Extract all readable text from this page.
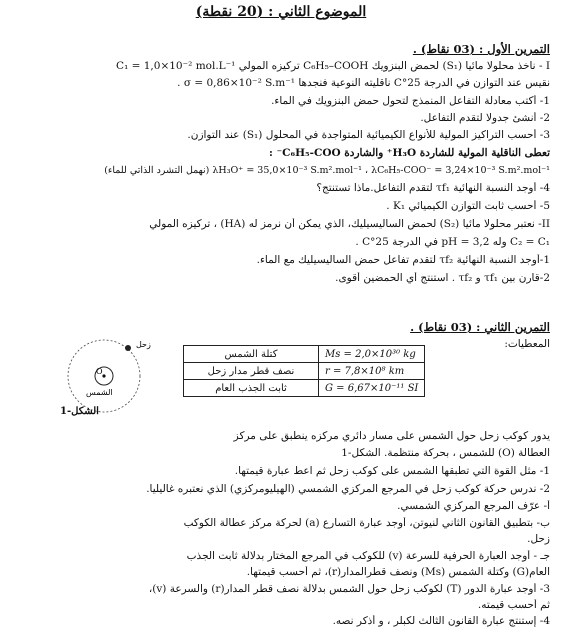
الموضوع الثاني : (20 نقطة)
التمرين الأول : (03 نقاط) .
I - نأخذ محلولا مائيا (S₁) لحمض البنزويك C₆H₅–COOH تركيزه المولي C₁ = 1,0×10⁻² mol.L⁻¹
نقيس عند التوازن في الدرجة 25°C ناقليته النوعية فنجدها σ = 0,86×10⁻² S.m⁻¹ .
1- أكتب معادلة التفاعل المنمذج لتحول حمض البنزويك في الماء.
2- أنشئ جدولا لتقدم التفاعل.
3- أحسب التراكيز المولية للأنواع الكيميائية المتواجدة في المحلول (S₁) عند التوازن.
تعطى الناقلية المولية للشاردة H₃O⁺ والشاردة C₆H₅-COO⁻ :
λH₃O⁺ = 35,0×10⁻³ S.m².mol⁻¹ ، λC₆H₅-COO⁻ = 3,24×10⁻³ S.m².mol⁻¹ (نهمل التشرد الذاتي للماء)
4- أوجد النسبة النهائية τf₁ لتقدم التفاعل.ماذا تستنتج؟
5- أحسب ثابت التوازن الكيميائي K₁ .
II- نعتبر محلولا مائيا (S₂) لحمض الساليسيليك، الذي يمكن أن نرمز له (HA) ، تركيزه المولي
C₂ = C₁ وله pH = 3,2 في الدرجة 25°C .
1-أوجد النسبة النهائية τf₂ لتقدم تفاعل حمض الساليسيليك مع الماء.
2-قارن بين τf₁ و τf₂ . استنتج أي الحمضين أقوى.
التمرين الثاني : (03 نقاط) .
المعطيات:
Ms = 2,0×10³⁰ kg	كتلة الشمس
r = 7,8×10⁸ km	نصف قطر مدار زحل
G = 6,67×10⁻¹¹ SI	ثابت الجذب العام
زحل
O
الشمس
الشكل-1
يدور كوكب زحل حول الشمس على مسار دائري مركزه ينطبق على مركز
العطالة (O) للشمس ، بحركة منتظمة. الشكل-1
1- مثل القوة التي تطبقها الشمس على كوكب زحل ثم اعط عبارة قيمتها.
2- ندرس حركة كوكب زحل في المرجع المركزي الشمسي (الهيليومركزي) الذي نعتبره غاليليا.
أ- عرّف المرجع المركزي الشمسي.
ب- بتطبيق القانون الثاني لنيوتن، أوجد عبارة التسارع (a) لحركة مركز عطالة الكوكب
زحل.
جـ - أوجد العبارة الحرفية للسرعة (v) للكوكب في المرجع المختار بدلالة ثابت الجذب
العام(G) وكتلة الشمس (Ms) ونصف قطرالمدار(r)، ثم أحسب قيمتها.
3- أوجد عبارة الدور (T) لكوكب زحل حول الشمس بدلالة نصف قطر المدار(r) والسرعة (v)،
ثم أحسب قيمته.
4- إستنتج عبارة القانون الثالث لكبلر ، و أذكر نصه.
